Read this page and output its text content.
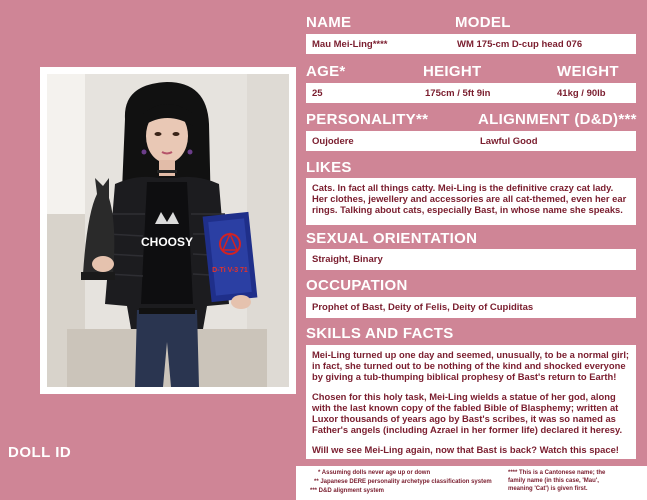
CHOOSY
D-Ti V-3 71
DOLL ID
NAME	MODEL
Mau Mei-Ling****	WM 175-cm D-cup head 076
AGE*	HEIGHT	WEIGHT
25	175cm / 5ft 9in	41kg / 90lb
PERSONALITY**	ALIGNMENT (D&D)***
Oujodere	Lawful Good
LIKES

Cats. In fact all things catty. Mei-Ling is the definitive crazy cat lady. Her clothes, jewellery and accessories are all cat-themed, even her ear rings. Talking about cats, especially Bast, in whose name she speaks.

SEXUAL ORIENTATION
Straight, Binary
OCCUPATION
Prophet of Bast, Deity of Felis, Deity of Cupiditas
SKILLS AND FACTS

Mei-Ling turned up one day and seemed, unusually, to be a normal girl; in fact, she turned out to be nothing of the kind and shocked everyone by giving a tub-thumping biblical prophesy of Bast's return to Earth!

Chosen for this holy task, Mei-Ling wields a statue of her god, along with the last known copy of the fabled Bible of Blasphemy; written at Luxor thousands of years ago by Bast's scribes, it was so named as Father's angels (including Azrael in her former life) declared it heresy.

Will we see Mei-Ling again, now that Bast is back? Watch this space!

* Assuming dolls never age up or down
** Japanese DERE personality archetype classification system
*** D&D alignment system
**** This is a Cantonese name; the
family name (in this case, 'Mau',
meaning 'Cat') is given first.
